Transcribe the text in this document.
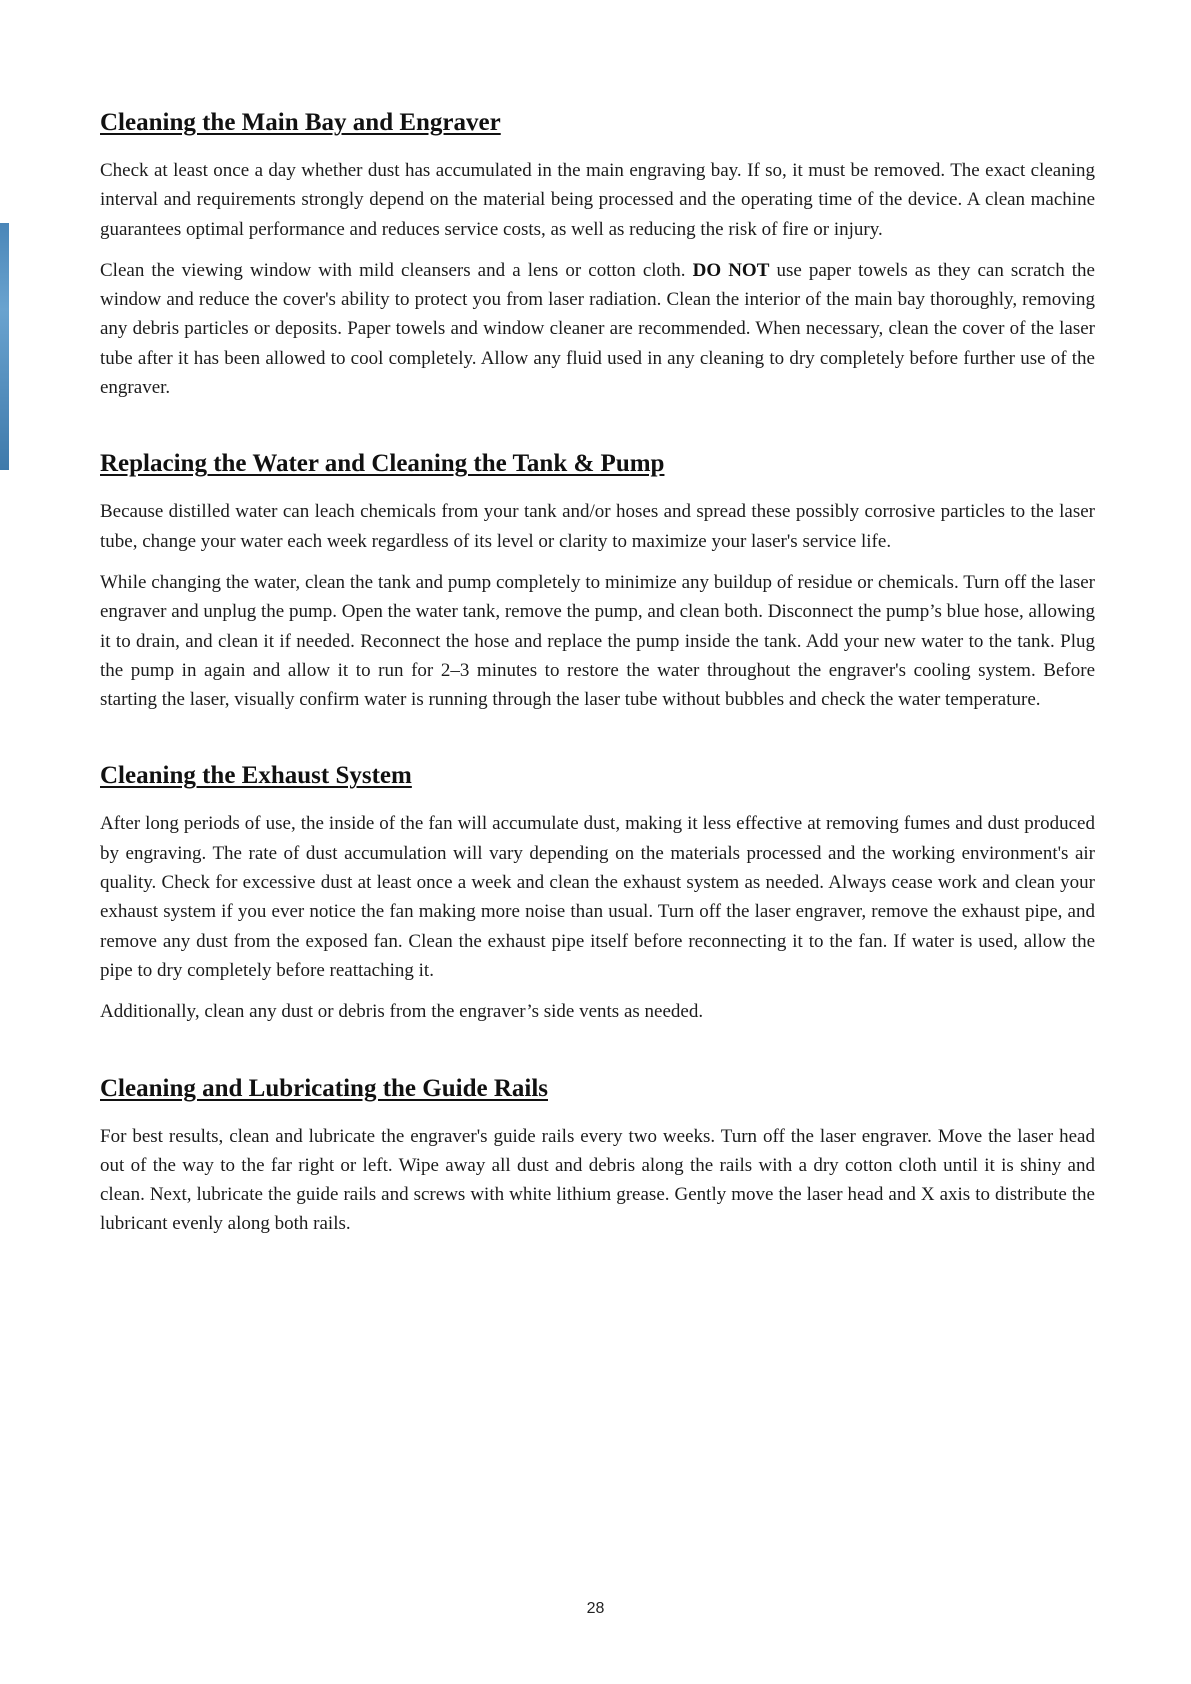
Cleaning the Main Bay and Engraver

Check at least once a day whether dust has accumulated in the main engraving bay. If so, it must be removed. The exact cleaning interval and requirements strongly depend on the material being processed and the operating time of the device. A clean machine guarantees optimal performance and reduces service costs, as well as reducing the risk of fire or injury.

Clean the viewing window with mild cleansers and a lens or cotton cloth. DO NOT use paper towels as they can scratch the window and reduce the cover's ability to protect you from laser radiation. Clean the interior of the main bay thoroughly, removing any debris particles or deposits. Paper towels and window cleaner are recommended. When necessary, clean the cover of the laser tube after it has been allowed to cool completely. Allow any fluid used in any cleaning to dry completely before further use of the engraver.

Replacing the Water and Cleaning the Tank & Pump

Because distilled water can leach chemicals from your tank and/or hoses and spread these possibly corrosive particles to the laser tube, change your water each week regardless of its level or clarity to maximize your laser's service life.

While changing the water, clean the tank and pump completely to minimize any buildup of residue or chemicals. Turn off the laser engraver and unplug the pump. Open the water tank, remove the pump, and clean both. Disconnect the pump’s blue hose, allowing it to drain, and clean it if needed. Reconnect the hose and replace the pump inside the tank. Add your new water to the tank. Plug the pump in again and allow it to run for 2–3 minutes to restore the water throughout the engraver's cooling system. Before starting the laser, visually confirm water is running through the laser tube without bubbles and check the water temperature.

Cleaning the Exhaust System

After long periods of use, the inside of the fan will accumulate dust, making it less effective at removing fumes and dust produced by engraving. The rate of dust accumulation will vary depending on the materials processed and the working environment's air quality. Check for excessive dust at least once a week and clean the exhaust system as needed. Always cease work and clean your exhaust system if you ever notice the fan making more noise than usual. Turn off the laser engraver, remove the exhaust pipe, and remove any dust from the exposed fan. Clean the exhaust pipe itself before reconnecting it to the fan. If water is used, allow the pipe to dry completely before reattaching it.

Additionally, clean any dust or debris from the engraver’s side vents as needed.

Cleaning and Lubricating the Guide Rails

For best results, clean and lubricate the engraver's guide rails every two weeks. Turn off the laser engraver. Move the laser head out of the way to the far right or left. Wipe away all dust and debris along the rails with a dry cotton cloth until it is shiny and clean. Next, lubricate the guide rails and screws with white lithium grease. Gently move the laser head and X axis to distribute the lubricant evenly along both rails.

28
